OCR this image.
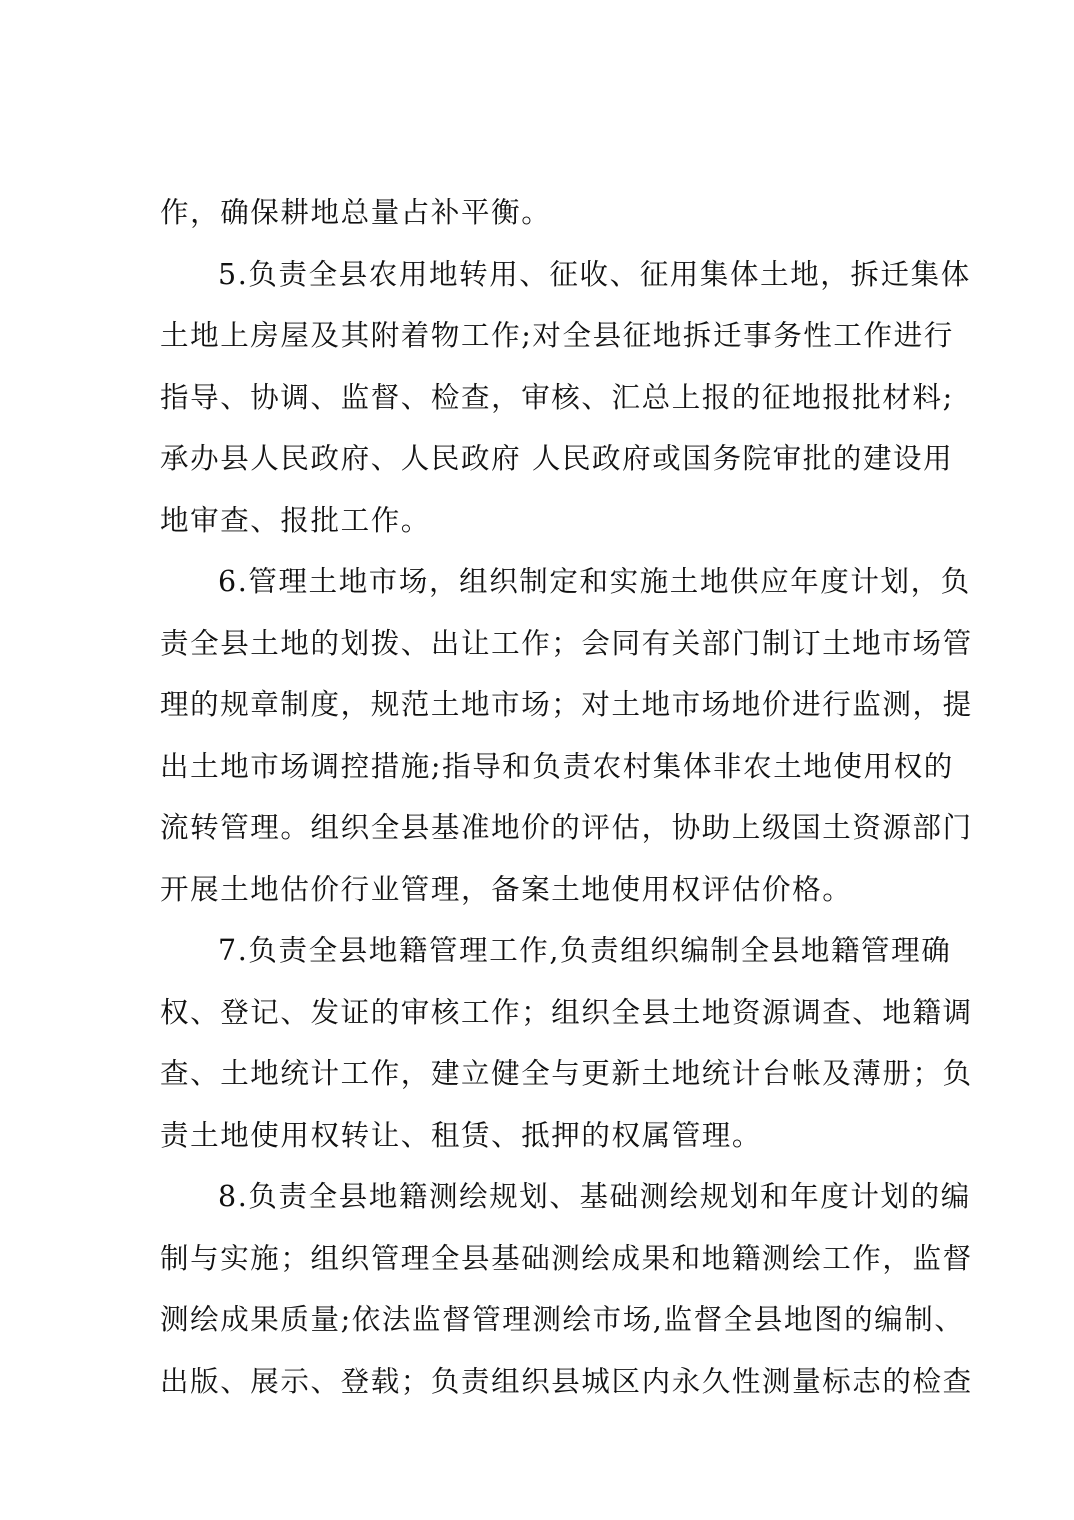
作，确保耕地总量占补平衡。
5.负责全县农用地转用、征收、征用集体土地，拆迁集体
土地上房屋及其附着物工作;对全县征地拆迁事务性工作进行
指导、协调、监督、检查，审核、汇总上报的征地报批材料;
承办县人民政府、人民政府 人民政府或国务院审批的建设用
地审查、报批工作。
6.管理土地市场，组织制定和实施土地供应年度计划，负
责全县土地的划拨、出让工作；会同有关部门制订土地市场管
理的规章制度，规范土地市场；对土地市场地价进行监测，提
出土地市场调控措施;指导和负责农村集体非农土地使用权的
流转管理。组织全县基准地价的评估，协助上级国土资源部门
开展土地估价行业管理，备案土地使用权评估价格。
7.负责全县地籍管理工作,负责组织编制全县地籍管理确
权、登记、发证的审核工作；组织全县土地资源调查、地籍调
查、土地统计工作，建立健全与更新土地统计台帐及薄册；负
责土地使用权转让、租赁、抵押的权属管理。
8.负责全县地籍测绘规划、基础测绘规划和年度计划的编
制与实施；组织管理全县基础测绘成果和地籍测绘工作，监督
测绘成果质量;依法监督管理测绘市场,监督全县地图的编制、
出版、展示、登载；负责组织县城区内永久性测量标志的检查
